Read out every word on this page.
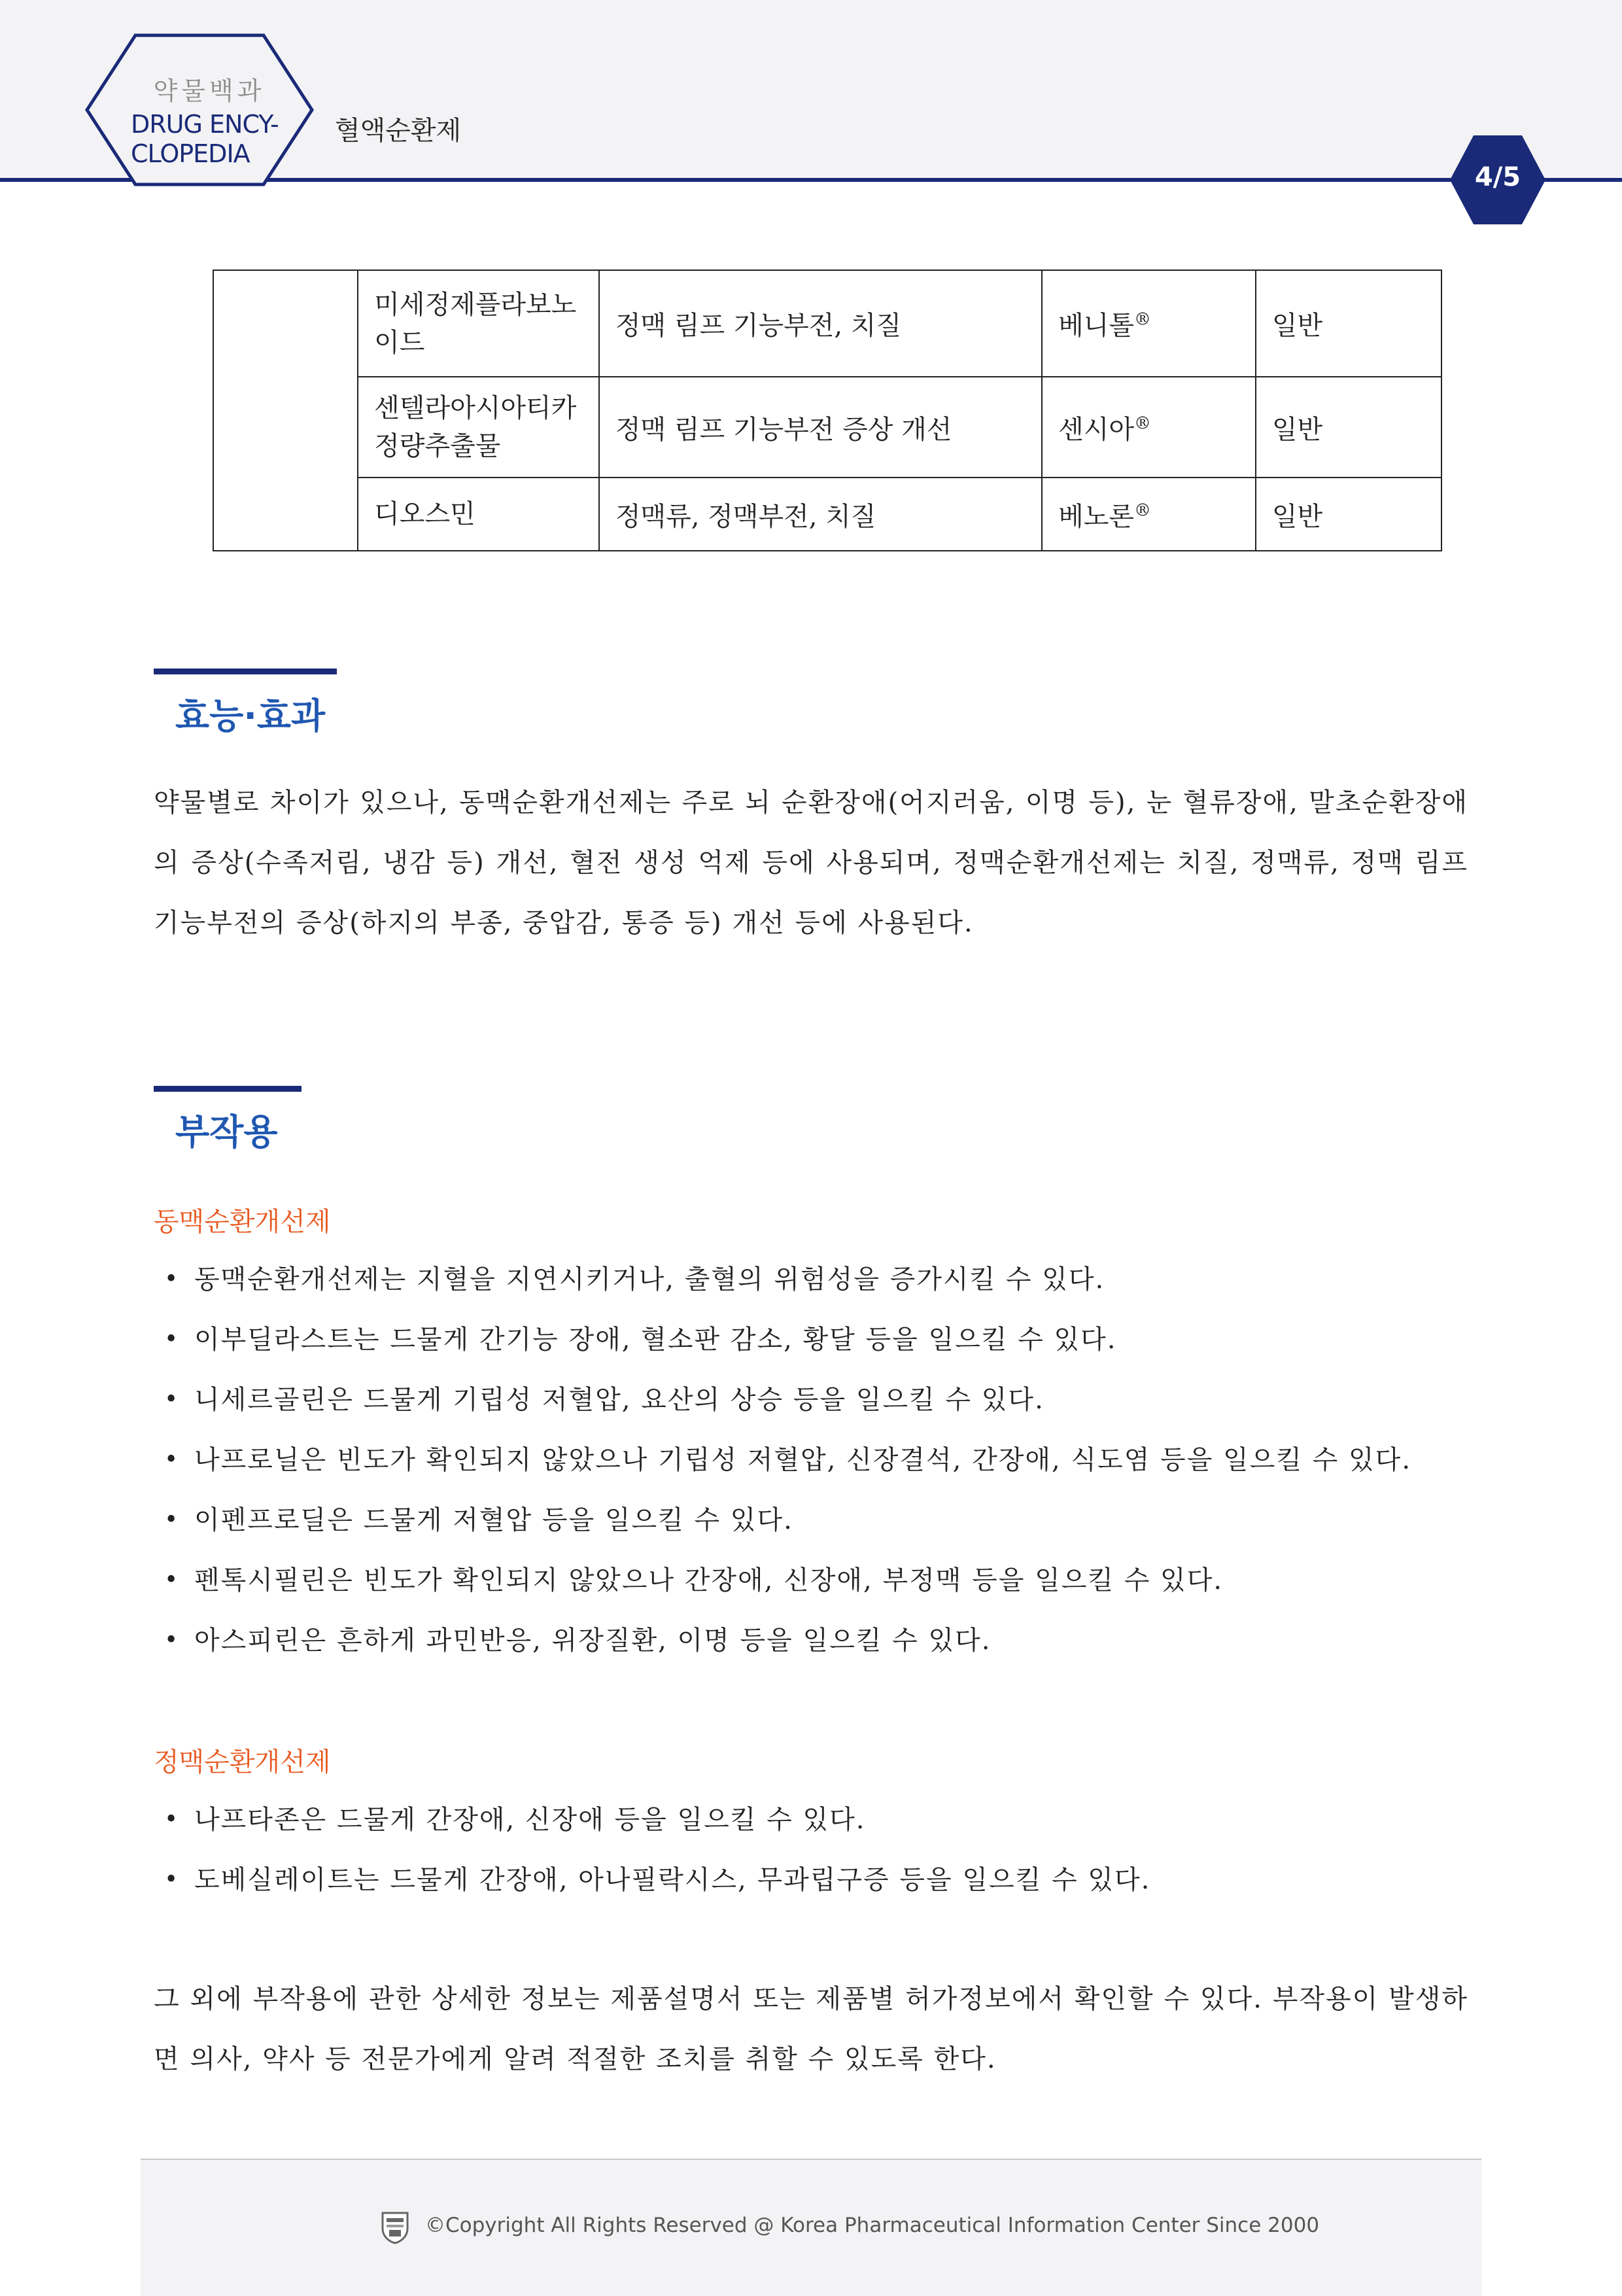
약물백과
DRUG ENCY-
CLOPEDIA
혈액순환제
4/5
	미세정제플라보노이드	정맥 림프 기능부전, 치질	베니톨®	일반
	센텔라아시아티카정량추출물	정맥 림프 기능부전 증상 개선	센시아®	일반
	디오스민	정맥류, 정맥부전, 치질	베노론®	일반
효능·효과
약물별로 차이가 있으나, 동맥순환개선제는 주로 뇌 순환장애(어지러움, 이명 등), 눈 혈류장애, 말초순환장애의 증상(수족저림, 냉감 등) 개선, 혈전 생성 억제 등에 사용되며, 정맥순환개선제는 치질, 정맥류, 정맥 림프 기능부전의 증상(하지의 부종, 중압감, 통증 등) 개선 등에 사용된다.
부작용
동맥순환개선제
• 동맥순환개선제는 지혈을 지연시키거나, 출혈의 위험성을 증가시킬 수 있다.
• 이부딜라스트는 드물게 간기능 장애, 혈소판 감소, 황달 등을 일으킬 수 있다.
• 니세르골린은 드물게 기립성 저혈압, 요산의 상승 등을 일으킬 수 있다.
• 나프로닐은 빈도가 확인되지 않았으나 기립성 저혈압, 신장결석, 간장애, 식도염 등을 일으킬 수 있다.
• 이펜프로딜은 드물게 저혈압 등을 일으킬 수 있다.
• 펜톡시필린은 빈도가 확인되지 않았으나 간장애, 신장애, 부정맥 등을 일으킬 수 있다.
• 아스피린은 흔하게 과민반응, 위장질환, 이명 등을 일으킬 수 있다.
정맥순환개선제
• 나프타존은 드물게 간장애, 신장애 등을 일으킬 수 있다.
• 도베실레이트는 드물게 간장애, 아나필락시스, 무과립구증 등을 일으킬 수 있다.
그 외에 부작용에 관한 상세한 정보는 제품설명서 또는 제품별 허가정보에서 확인할 수 있다. 부작용이 발생하면 의사, 약사 등 전문가에게 알려 적절한 조치를 취할 수 있도록 한다.
©Copyright All Rights Reserved @ Korea Pharmaceutical Information Center Since 2000
